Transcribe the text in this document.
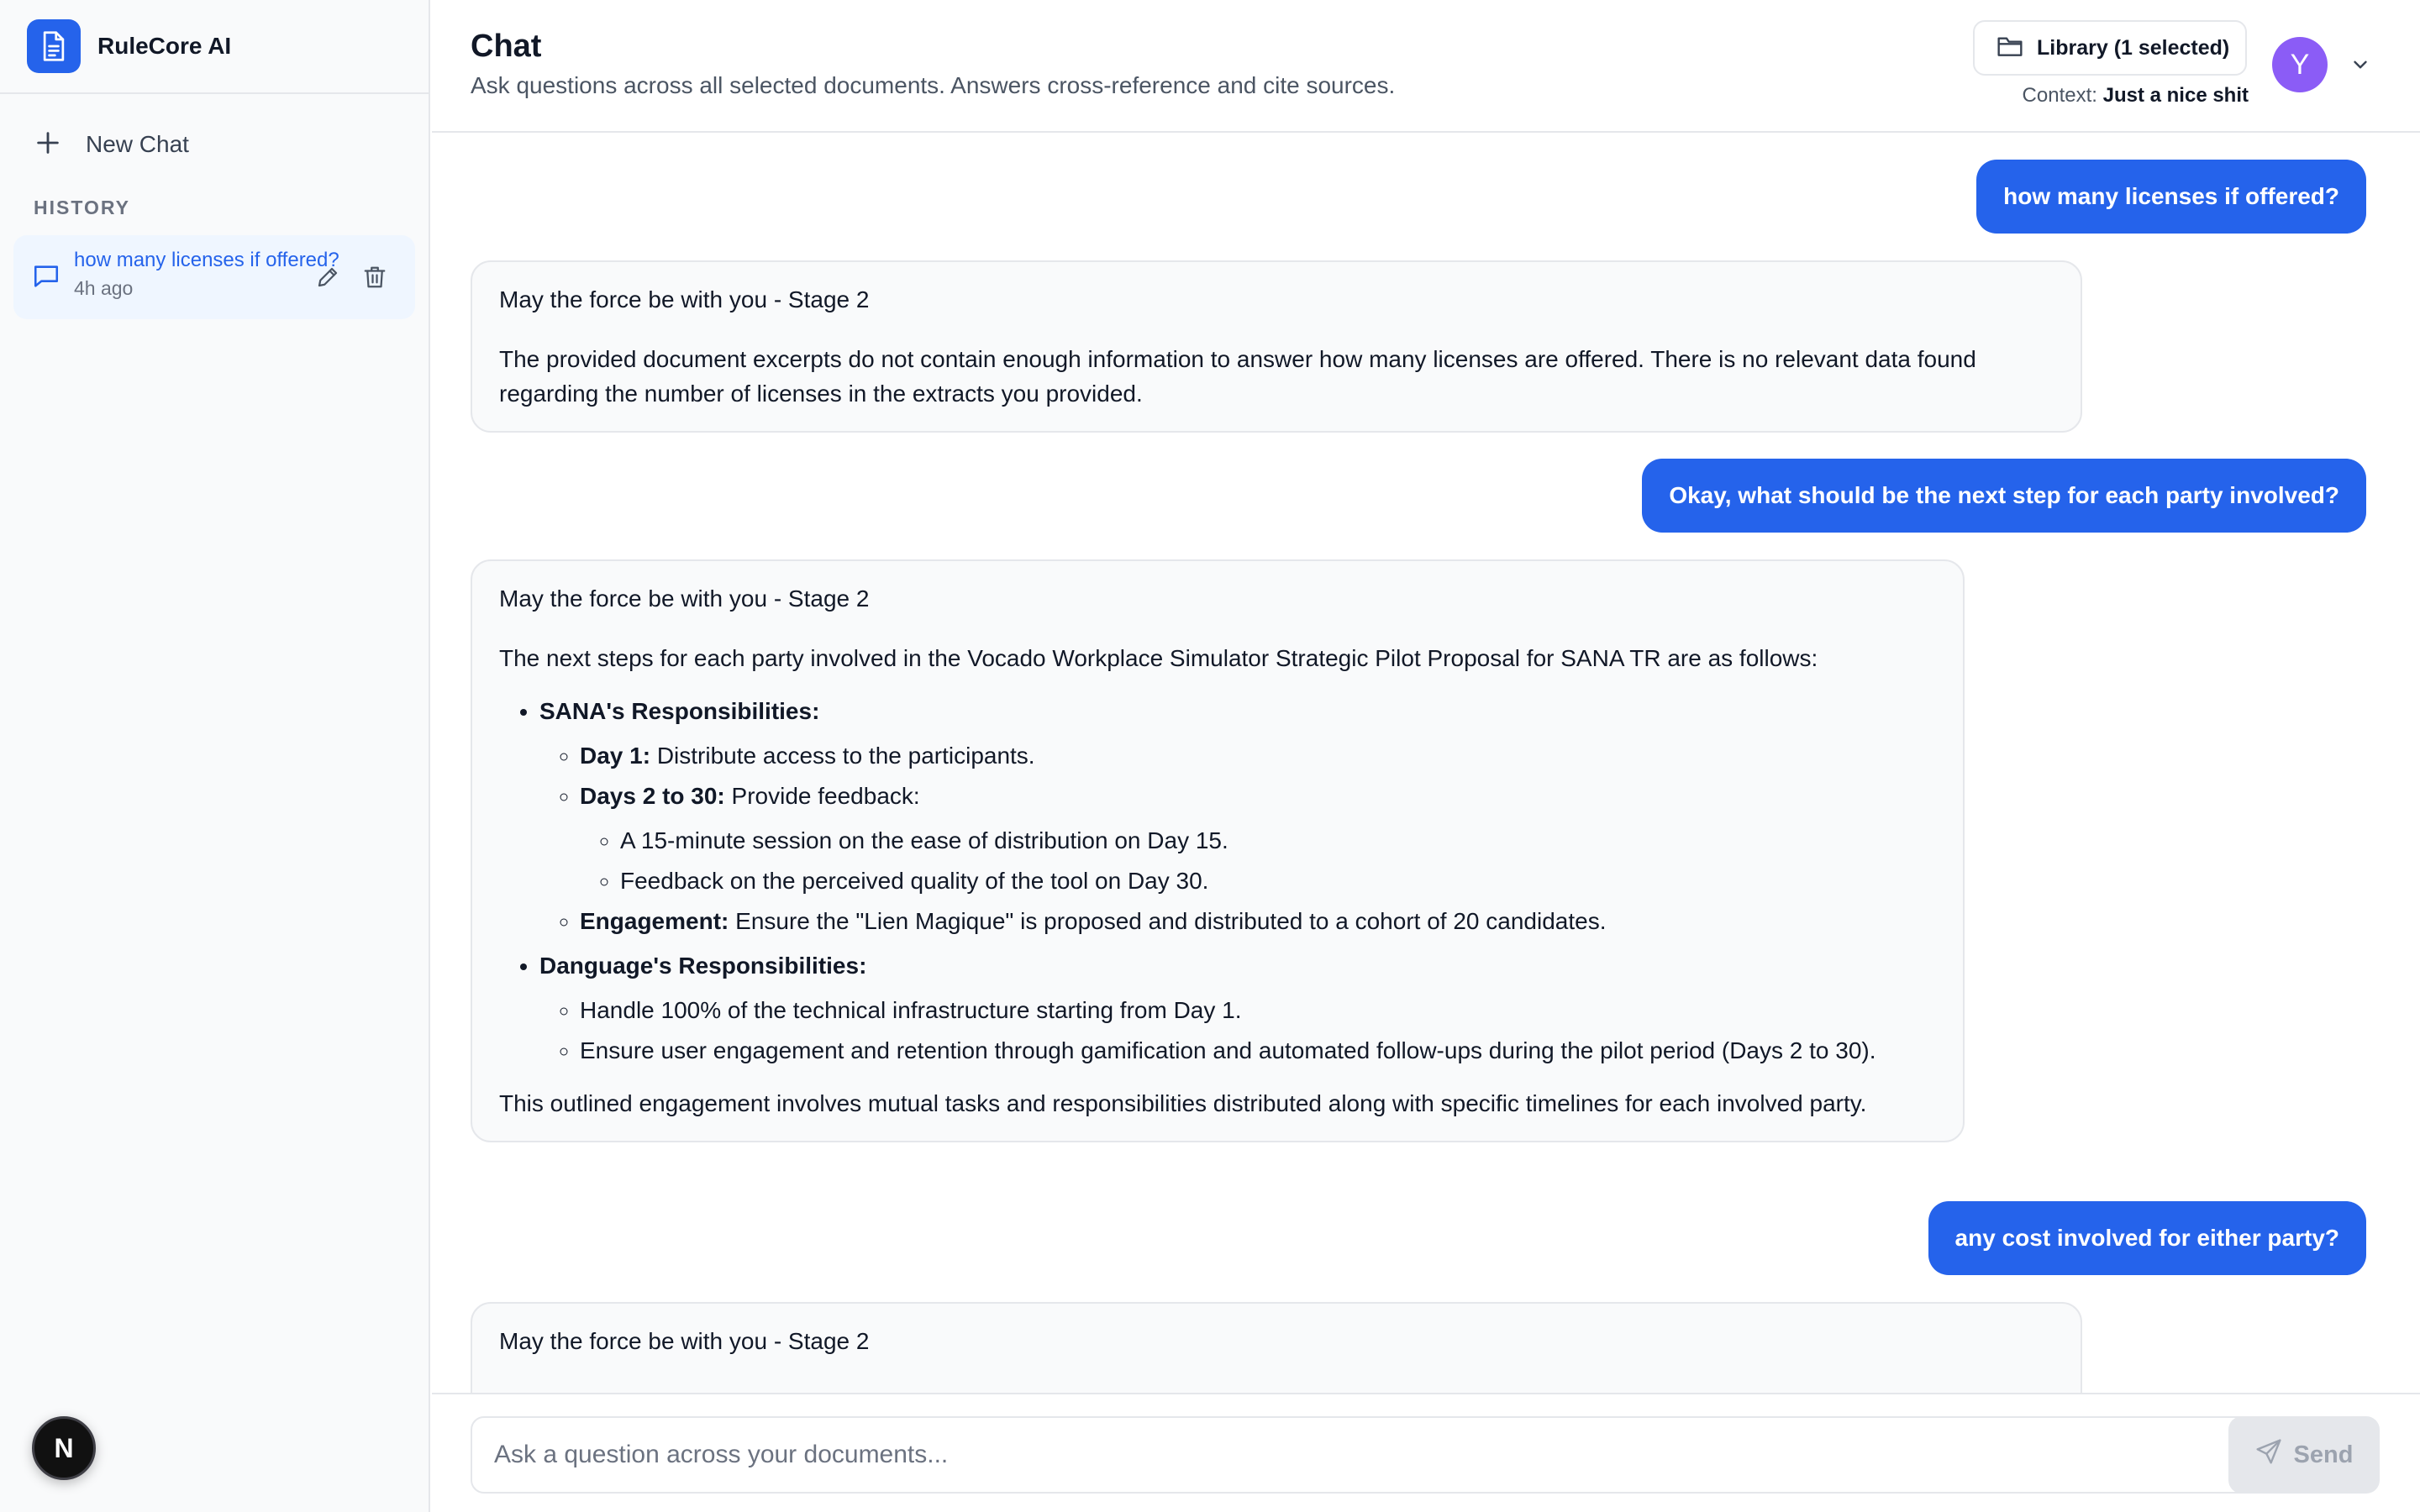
RuleCore AI
New Chat
HISTORY
how many licenses if offered?
4h ago
N
Chat

Ask questions across all selected documents. Answers cross-reference and cite sources.

Library (1 selected)
Context: Just a nice shit
Y
how many licenses if offered?
May the force be with you - Stage 2
The provided document excerpts do not contain enough information to answer how many licenses are offered. There is no relevant data found regarding the number of licenses in the extracts you provided.
Okay, what should be the next step for each party involved?
May the force be with you - Stage 2
The next steps for each party involved in the Vocado Workplace Simulator Strategic Pilot Proposal for SANA TR are as follows:
• SANA's Responsibilities:
◦ Day 1: Distribute access to the participants.
◦ Days 2 to 30: Provide feedback:
◦ A 15-minute session on the ease of distribution on Day 15.
◦ Feedback on the perceived quality of the tool on Day 30.
◦ Engagement: Ensure the "Lien Magique" is proposed and distributed to a cohort of 20 candidates.
• Danguage's Responsibilities:
◦ Handle 100% of the technical infrastructure starting from Day 1.
◦ Ensure user engagement and retention through gamification and automated follow-ups during the pilot period (Days 2 to 30).
This outlined engagement involves mutual tasks and responsibilities distributed along with specific timelines for each involved party.
any cost involved for either party?
May the force be with you - Stage 2
Ask a question across your documents...
Send
